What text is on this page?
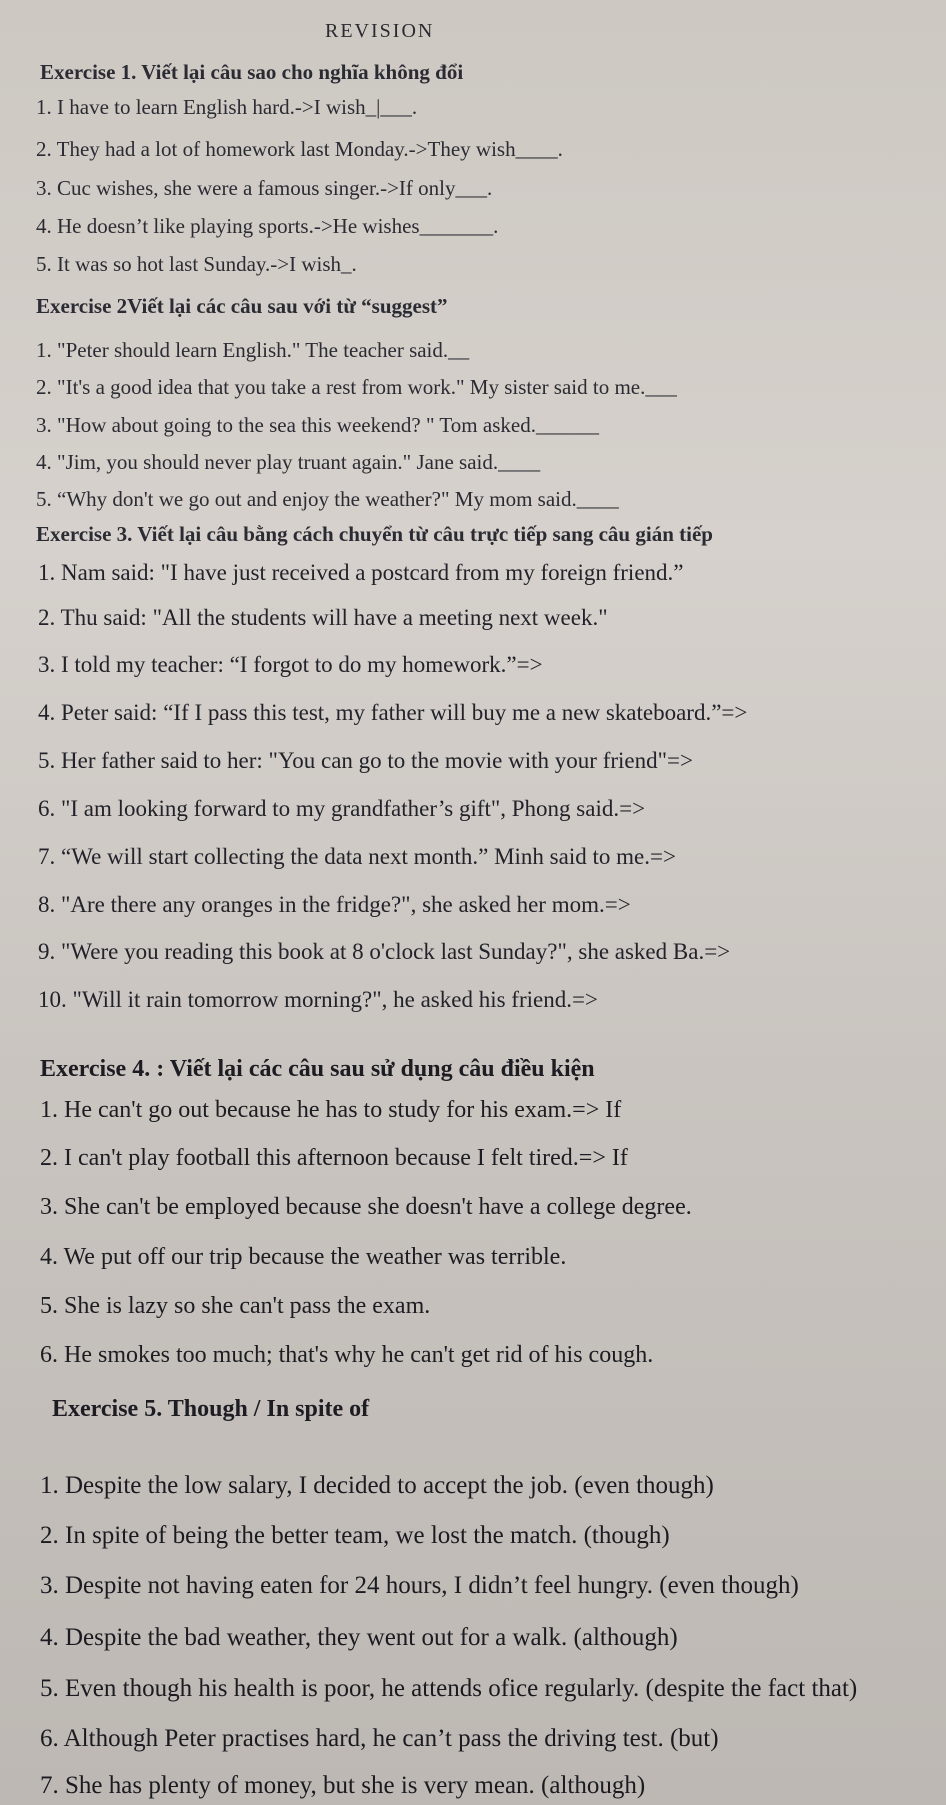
REVISION
Exercise 1. Viết lại câu sao cho nghĩa không đổi
1. I have to learn English hard.->I wish_|___.
2. They had a lot of homework last Monday.->They wish____.
3. Cuc wishes, she were a famous singer.->If only___.
4. He doesn’t like playing sports.->He wishes_______.
5. It was so hot last Sunday.->I wish_.
Exercise 2Viết lại các câu sau với từ “suggest”
1. "Peter should learn English." The teacher said.__
2. "It's a good idea that you take a rest from work." My sister said to me.___
3. "How about going to the sea this weekend? " Tom asked.______
4. "Jim, you should never play truant again." Jane said.____
5. “Why don't we go out and enjoy the weather?" My mom said.____
Exercise 3. Viết lại câu bằng cách chuyển từ câu trực tiếp sang câu gián tiếp
1. Nam said: "I have just received a postcard from my foreign friend.”
2. Thu said: "All the students will have a meeting next week."
3. I told my teacher: “I forgot to do my homework.”=>
4. Peter said: “If I pass this test, my father will buy me a new skateboard.”=>
5. Her father said to her: "You can go to the movie with your friend"=>
6. "I am looking forward to my grandfather’s gift", Phong said.=>
7. “We will start collecting the data next month.” Minh said to me.=>
8. "Are there any oranges in the fridge?", she asked her mom.=>
9. "Were you reading this book at 8 o'clock last Sunday?", she asked Ba.=>
10. "Will it rain tomorrow morning?", he asked his friend.=>
Exercise 4. : Viết lại các câu sau sử dụng câu điều kiện
1. He can't go out because he has to study for his exam.=> If
2. I can't play football this afternoon because I felt tired.=> If
3. She can't be employed because she doesn't have a college degree.
4. We put off our trip because the weather was terrible.
5. She is lazy so she can't pass the exam.
6. He smokes too much; that's why he can't get rid of his cough.
Exercise 5. Though / In spite of
1. Despite the low salary, I decided to accept the job. (even though)
2. In spite of being the better team, we lost the match. (though)
3. Despite not having eaten for 24 hours, I didn’t feel hungry. (even though)
4. Despite the bad weather, they went out for a walk. (although)
5. Even though his health is poor, he attends ofice regularly. (despite the fact that)
6. Although Peter practises hard, he can’t pass the driving test. (but)
7. She has plenty of money, but she is very mean. (although)
